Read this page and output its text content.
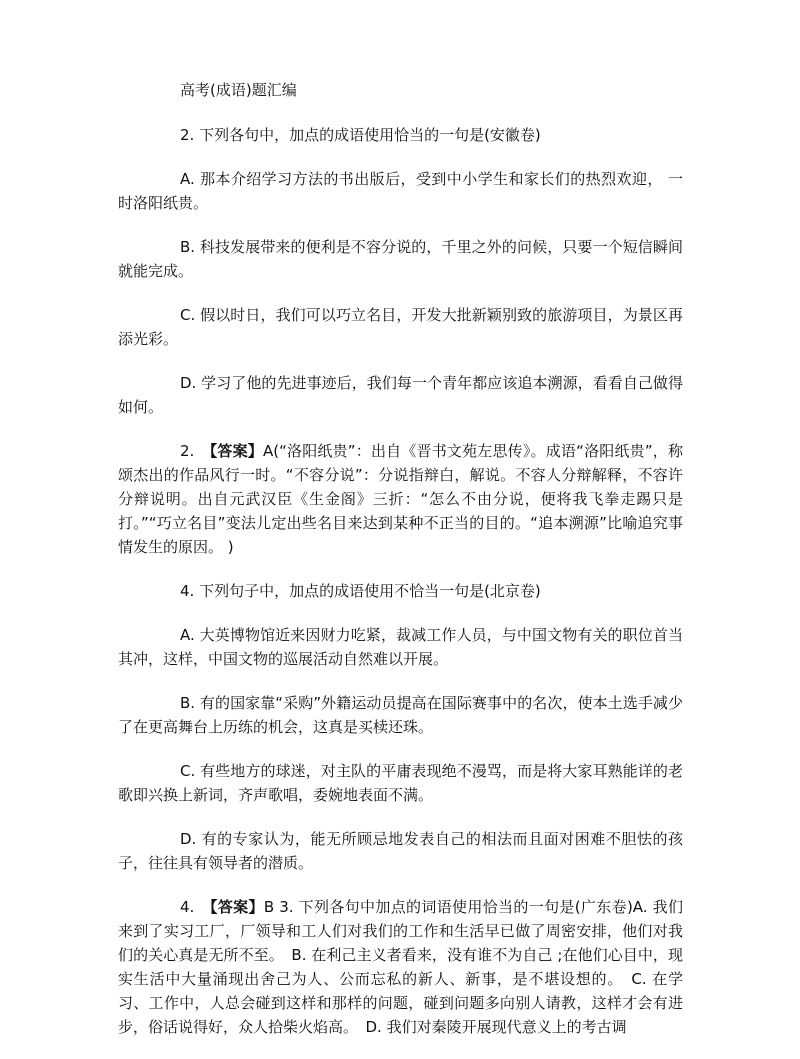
高考(成语)题汇编

2. 下列各句中，加点的成语使用恰当的一句是(安徽卷)

A. 那本介绍学习方法的书出版后，受到中小学生和家长们的热烈欢迎， 一时洛阳纸贵。

B. 科技发展带来的便利是不容分说的，千里之外的问候，只要一个短信瞬间就能完成。

C. 假以时日，我们可以巧立名目，开发大批新颖别致的旅游项目，为景区再添光彩。

D. 学习了他的先进事迹后，我们每一个青年都应该追本溯源，看看自己做得如何。

2.　【答案】A(“洛阳纸贵”：出自《晋书文苑左思传》。成语“洛阳纸贵”，称颂杰出的作品风行一时。“不容分说”：分说指辩白，解说。不容人分辩解释，不容许分辩说明。出自元武汉臣《生金阁》三折：“怎么不由分说，便将我飞拳走踢只是打。”“巧立名目”变法儿定出些名目来达到某种不正当的目的。“追本溯源”比喻追究事情发生的原因。 )

4. 下列句子中，加点的成语使用不恰当一句是(北京卷)

A. 大英博物馆近来因财力吃紧，裁减工作人员，与中国文物有关的职位首当其冲，这样，中国文物的巡展活动自然难以开展。

B. 有的国家靠“采购”外籍运动员提高在国际赛事中的名次，使本土选手减少了在更高舞台上历练的机会，这真是买椟还珠。

C. 有些地方的球迷，对主队的平庸表现绝不漫骂，而是将大家耳熟能详的老歌即兴换上新词，齐声歌唱，委婉地表面不满。

D. 有的专家认为，能无所顾忌地发表自己的相法而且面对困难不胆怯的孩子，往往具有领导者的潜质。

4.　【答案】B 3. 下列各句中加点的词语使用恰当的一句是(广东卷)A. 我们来到了实习工厂，厂领导和工人们对我们的工作和生活早已做了周密安排，他们对我们的关心真是无所不至。　B. 在利己主义者看来，没有谁不为自己 ;在他们心目中，现实生活中大量涌现出舍己为人、公而忘私的新人、新事，是不堪设想的。　C. 在学习、工作中，人总会碰到这样和那样的问题，碰到问题多向别人请教，这样才会有进步，俗话说得好，众人拾柴火焰高。　D. 我们对秦陵开展现代意义上的考古调
